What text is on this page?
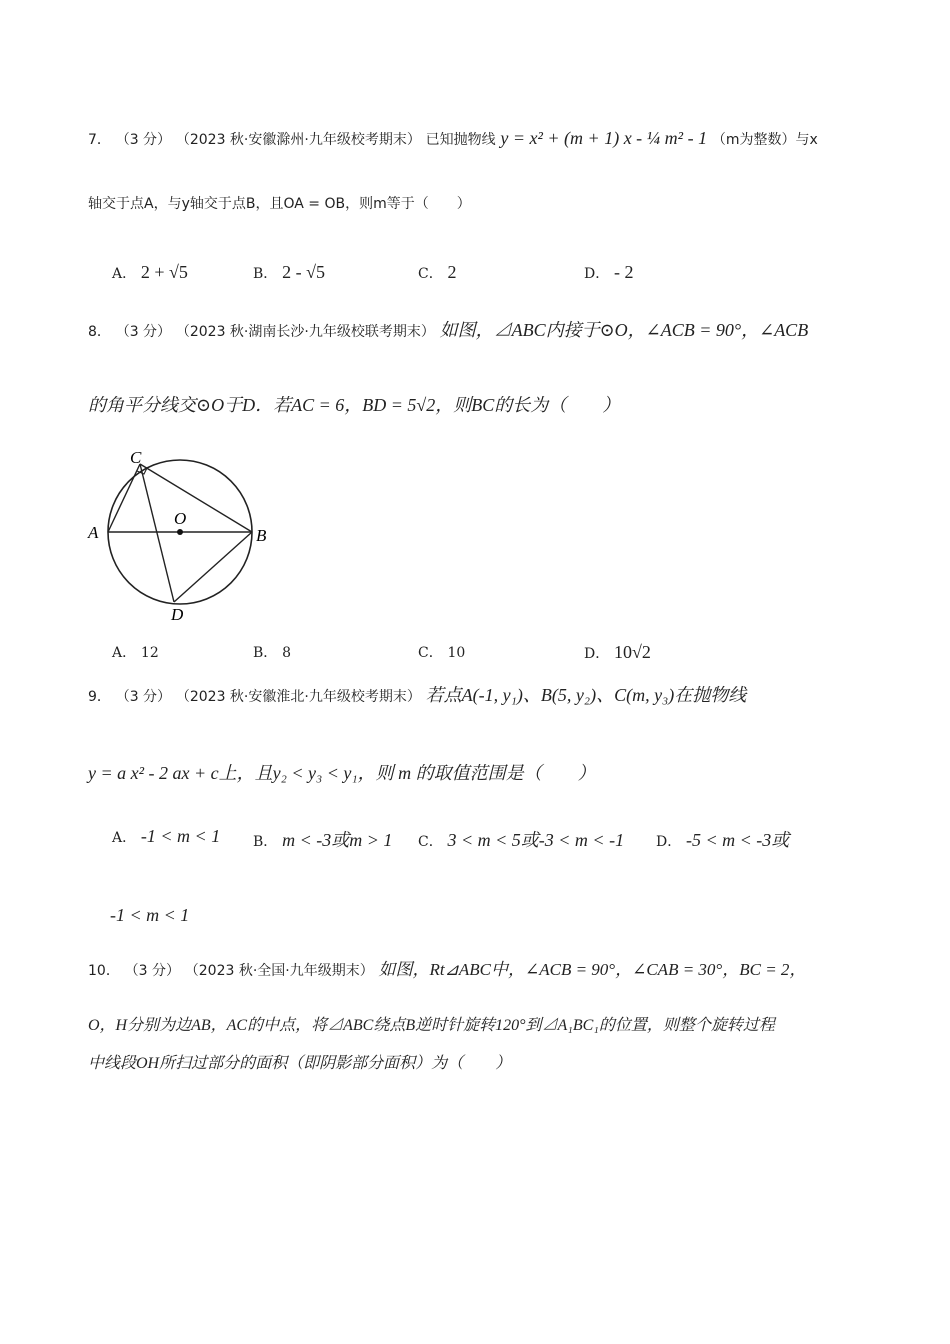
7． （3 分） （2023 秋·安徽滁州·九年级校考期末） 已知抛物线 y = x² + (m + 1) x - ¼ m² - 1 （m为整数）与x
轴交于点A，与y轴交于点B，且OA = OB，则m等于（　　）
A． 2 + √5	B． 2 - √5	C． 2	D． - 2
8． （3 分） （2023 秋·湖南长沙·九年级校联考期末） 如图，⊿ABC内接于⊙O，∠ACB = 90°，∠ACB
的角平分线交⊙O于D．若AC = 6，BD = 5√2，则BC的长为（　　）
C
O
A	B
D
A． 12	B． 8	C． 10	D． 10√2
9． （3 分） （2023 秋·安徽淮北·九年级校考期末） 若点A(-1, y₁)、B(5, y₂)、C(m, y₃)在抛物线
y = a x² - 2 ax + c上，且y₂ < y₃ < y₁，则 m 的取值范围是（　　）
A． -1 < m < 1 B． m < -3或m > 1 C． 3 < m < 5或-3 < m < -1 D． -5 < m < -3或
-1 < m < 1
10． （3 分） （2023 秋·全国·九年级期末） 如图，Rt⊿ABC中，∠ACB = 90°，∠CAB = 30°，BC = 2，
O，H分别为边AB，AC的中点，将⊿ABC绕点B逆时针旋转120°到⊿A₁BC₁的位置，则整个旋转过程
中线段OH所扫过部分的面积（即阴影部分面积）为（　　）
